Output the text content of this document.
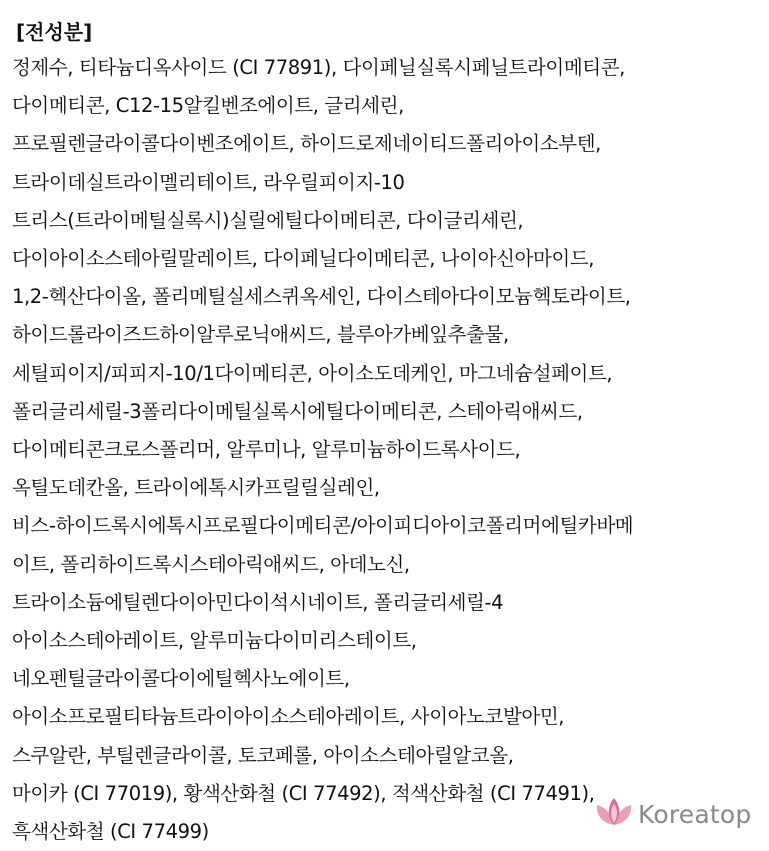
[전성분]
정제수, 티타늄디옥사이드 (CI 77891), 다이페닐실록시페닐트라이메티콘,
다이메티콘, C12-15알킬벤조에이트, 글리세린,
프로필렌글라이콜다이벤조에이트, 하이드로제네이티드폴리아이소부텐,
트라이데실트라이멜리테이트, 라우릴피이지-10
트리스(트라이메틸실록시)실릴에틸다이메티콘, 다이글리세린,
다이아이소스테아릴말레이트, 다이페닐다이메티콘, 나이아신아마이드,
1,2-헥산다이올, 폴리메틸실세스퀴옥세인, 다이스테아다이모늄헥토라이트,
하이드롤라이즈드하이알루로닉애씨드, 블루아가베잎추출물,
세틸피이지/피피지-10/1다이메티콘, 아이소도데케인, 마그네슘설페이트,
폴리글리세릴-3폴리다이메틸실록시에틸다이메티콘, 스테아릭애씨드,
다이메티콘크로스폴리머, 알루미나, 알루미늄하이드록사이드,
옥틸도데칸올, 트라이에톡시카프릴릴실레인,
비스-하이드록시에톡시프로필다이메티콘/아이피디아이코폴리머에틸카바메
이트, 폴리하이드록시스테아릭애씨드, 아데노신,
트라이소듐에틸렌다이아민다이석시네이트, 폴리글리세릴-4
아이소스테아레이트, 알루미늄다이미리스테이트,
네오펜틸글라이콜다이에틸헥사노에이트,
아이소프로필티타늄트라이아이소스테아레이트, 사이아노코발아민,
스쿠알란, 부틸렌글라이콜, 토코페롤, 아이소스테아릴알코올,
마이카 (CI 77019), 황색산화철 (CI 77492), 적색산화철 (CI 77491),
흑색산화철 (CI 77499)
Koreatop
